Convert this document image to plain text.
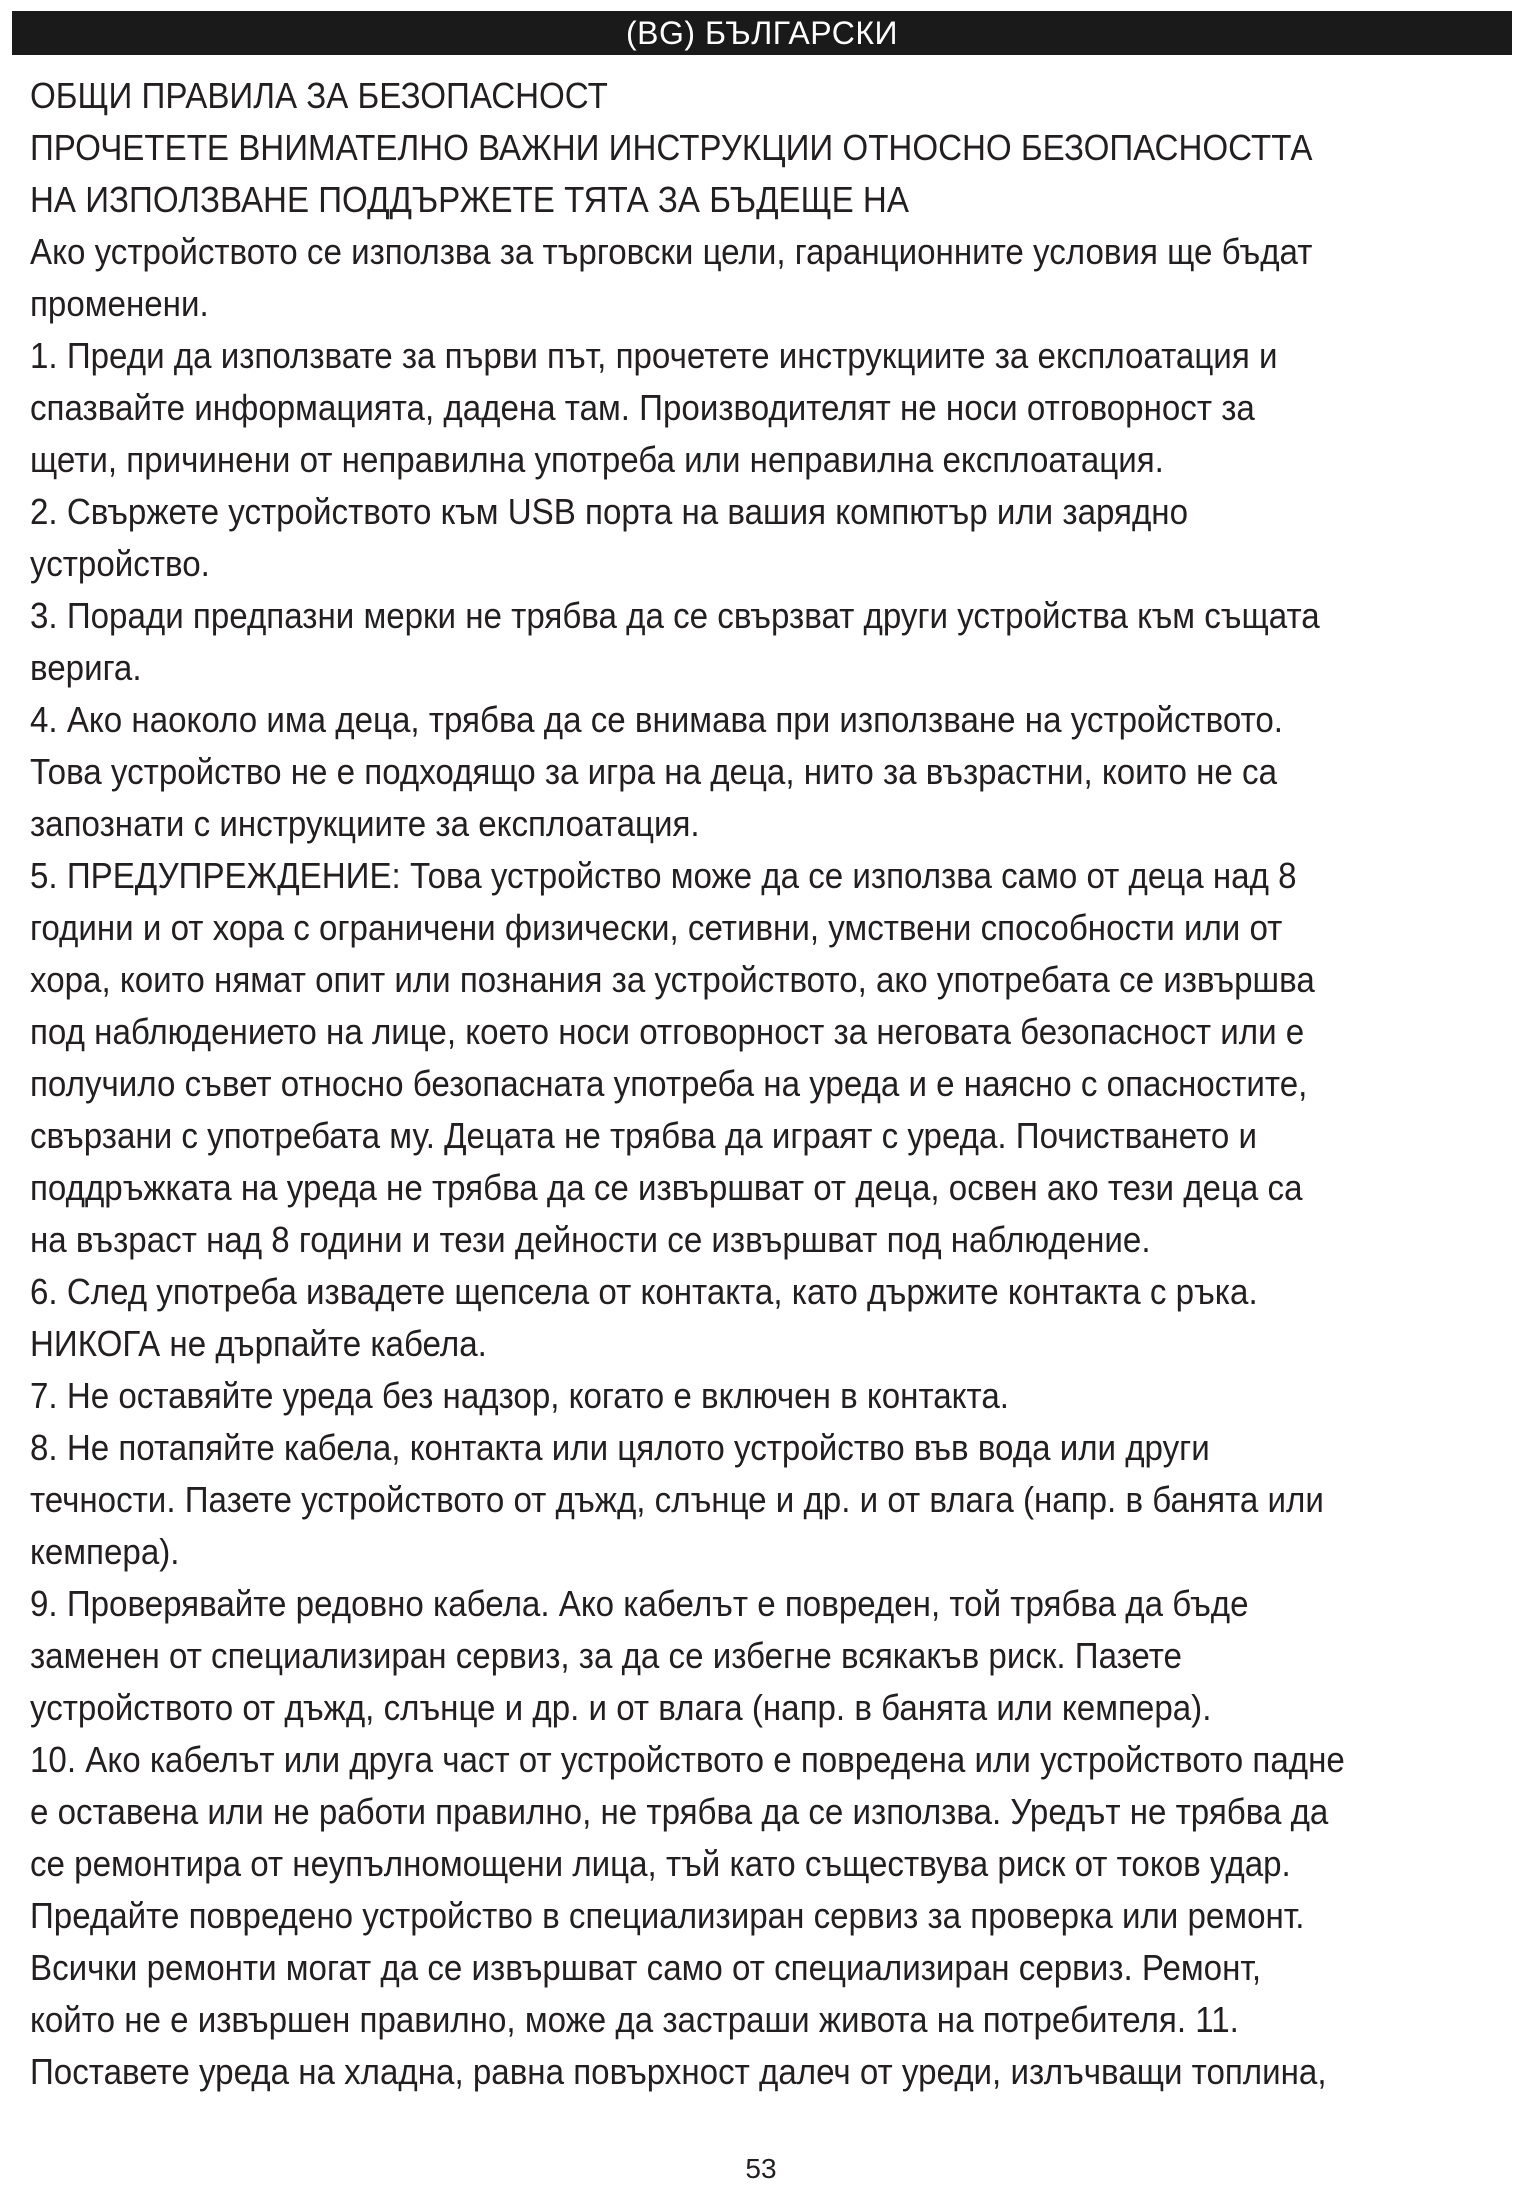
(BG) БЪЛГАРСКИ

ОБЩИ ПРАВИЛА ЗА БЕЗОПАСНОСТ

ПРОЧЕТЕТЕ ВНИМАТЕЛНО ВАЖНИ ИНСТРУКЦИИ ОТНОСНО БЕЗОПАСНОСТТА

НА ИЗПОЛЗВАНЕ ПОДДЪРЖЕТЕ ТЯТА ЗА БЪДЕЩЕ НА

Ако устройството се използва за търговски цели, гаранционните условия ще бъдат

променени.

1. Преди да използвате за първи път, прочетете инструкциите за експлоатация и

спазвайте информацията, дадена там. Производителят не носи отговорност за

щети, причинени от неправилна употреба или неправилна експлоатация.

2. Свържете устройството към USB порта на вашия компютър или зарядно

устройство.

3. Поради предпазни мерки не трябва да се свързват други устройства към същата

верига.

4. Ако наоколо има деца, трябва да се внимава при използване на устройството.

Това устройство не е подходящо за игра на деца, нито за възрастни, които не са

запознати с инструкциите за експлоатация.

5. ПРЕДУПРЕЖДЕНИЕ: Това устройство може да се използва само от деца над 8

години и от хора с ограничени физически, сетивни, умствени способности или от

хора, които нямат опит или познания за устройството, ако употребата се извършва

под наблюдението на лице, което носи отговорност за неговата безопасност или е

получило съвет относно безопасната употреба на уреда и е наясно с опасностите,

свързани с употребата му. Децата не трябва да играят с уреда. Почистването и

поддръжката на уреда не трябва да се извършват от деца, освен ако тези деца са

на възраст над 8 години и тези дейности се извършват под наблюдение.

6. След употреба извадете щепсела от контакта, като държите контакта с ръка.

НИКОГА не дърпайте кабела.

7. Не оставяйте уреда без надзор, когато е включен в контакта.

8. Не потапяйте кабела, контакта или цялото устройство във вода или други

течности. Пазете устройството от дъжд, слънце и др. и от влага (напр. в банята или

кемпера).

9. Проверявайте редовно кабела. Ако кабелът е повреден, той трябва да бъде

заменен от специализиран сервиз, за да се избегне всякакъв риск. Пазете

устройството от дъжд, слънце и др. и от влага (напр. в банята или кемпера).

10. Ако кабелът или друга част от устройството е повредена или устройството падне

е оставена или не работи правилно, не трябва да се използва. Уредът не трябва да

се ремонтира от неупълномощени лица, тъй като съществува риск от токов удар.

Предайте повредено устройство в специализиран сервиз за проверка или ремонт.

Всички ремонти могат да се извършват само от специализиран сервиз. Ремонт,

който не е извършен правилно, може да застраши живота на потребителя. 11.

Поставете уреда на хладна, равна повърхност далеч от уреди, излъчващи топлина,

53
